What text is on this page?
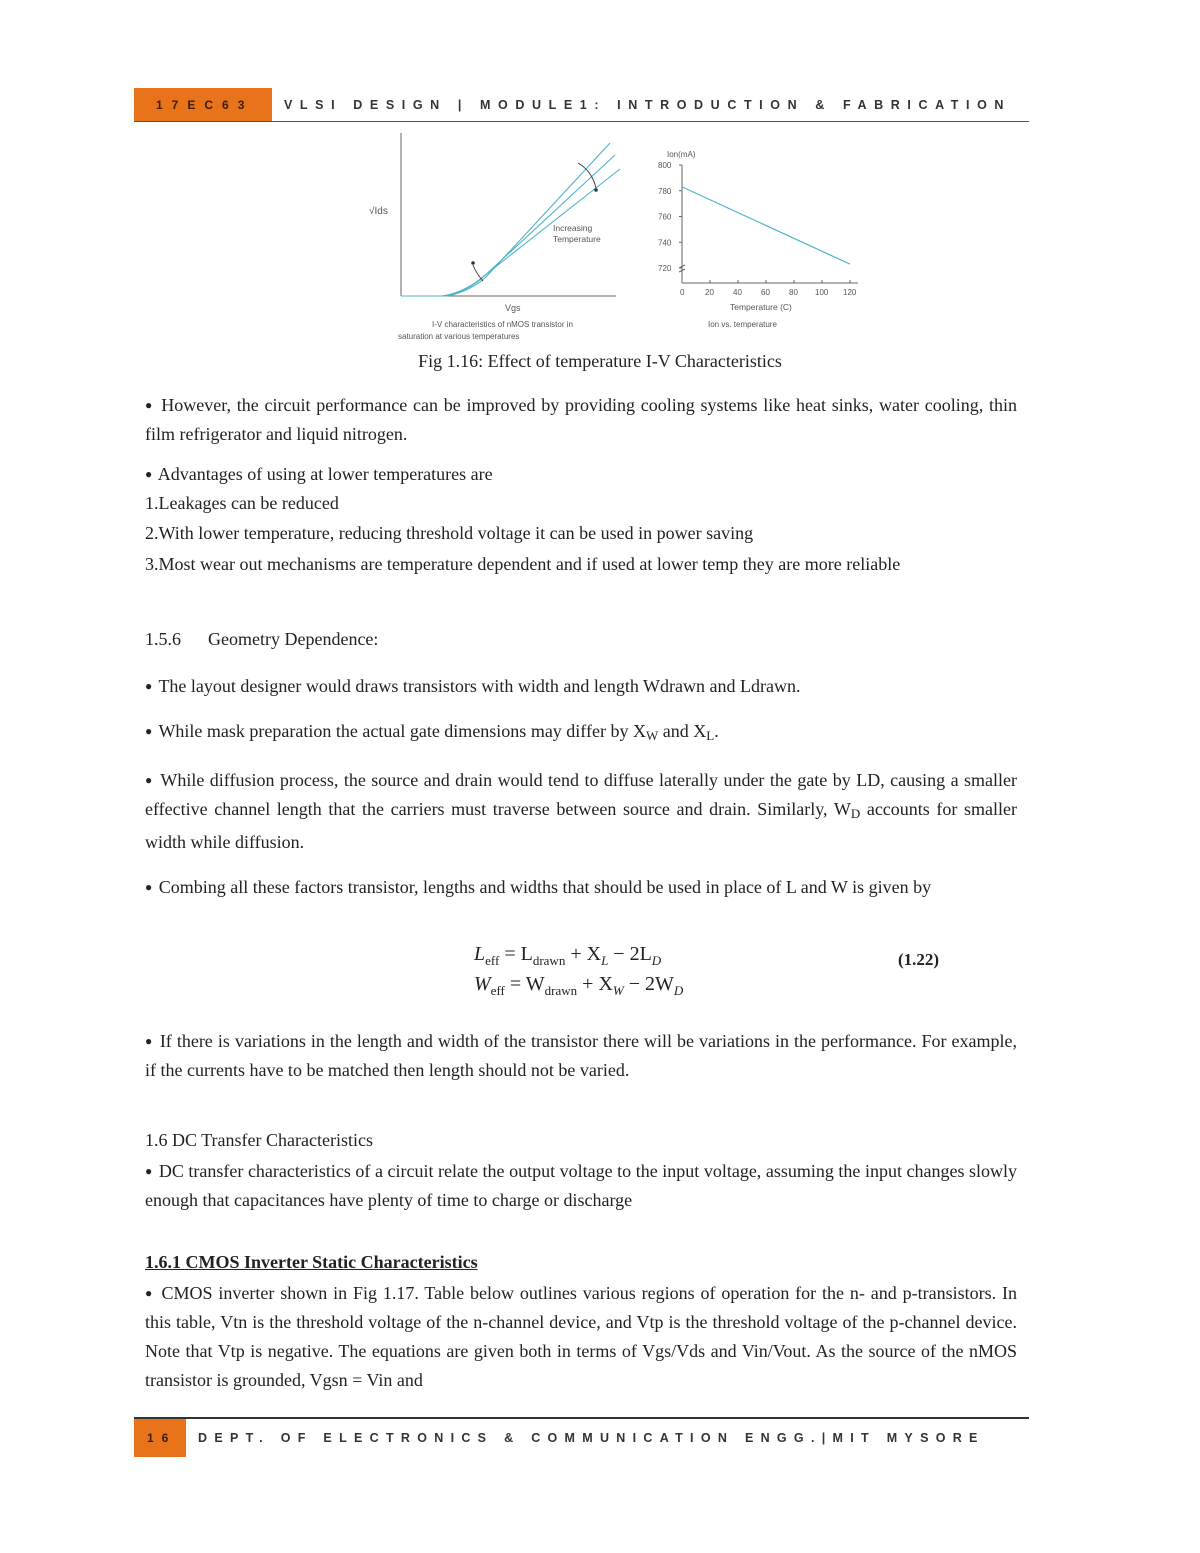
17EC63	VLSI DESIGN | MODULE1: INTRODUCTION & FABRICATION
√Ids
Vgs
Increasing
Temperature
I-V characteristics of nMOS transistor in
saturation at various temperatures
Ion(mA)
720
740
760
780
800
0	20 40 60 80 100 120
Temperature (C)
Ion vs. temperature
Fig 1.16: Effect of temperature I-V Characteristics

● However, the circuit performance can be improved by providing cooling systems like heat sinks, water cooling, thin film refrigerator and liquid nitrogen.

● Advantages of using at lower temperatures are

1.Leakages can be reduced

2.With lower temperature, reducing threshold voltage it can be used in power saving

3.Most wear out mechanisms are temperature dependent and if used at lower temp they are more reliable

1.5.6      Geometry Dependence:

● The layout designer would draws transistors with width and length Wdrawn and Ldrawn.

● While mask preparation the actual gate dimensions may differ by $X_W$ and $X_L$.

● While diffusion process, the source and drain would tend to diffuse laterally under the gate by LD, causing a smaller effective channel length that the carriers must traverse between source and drain. Similarly, $W_D$ accounts for smaller width while diffusion.

● Combing all these factors transistor, lengths and widths that should be used in place of L and W is given by

$L_{eff} = L_{drawn} + X_L - 2L_D$
$W_{eff} = W_{drawn} + X_W - 2W_D$
(1.22)

● If there is variations in the length and width of the transistor there will be variations in the performance. For example, if the currents have to be matched then length should not be varied.

1.6 DC Transfer Characteristics

● DC transfer characteristics of a circuit relate the output voltage to the input voltage, assuming the input changes slowly enough that capacitances have plenty of time to charge or discharge

1.6.1 CMOS Inverter Static Characteristics

● CMOS inverter shown in Fig 1.17. Table below outlines various regions of operation for the n- and p-transistors. In this table, Vtn is the threshold voltage of the n-channel device, and Vtp is the threshold voltage of the p-channel device. Note that Vtp is negative. The equations are given both in terms of Vgs/Vds and Vin/Vout. As the source of the nMOS transistor is grounded, Vgsn = Vin and

16	DEPT. OF ELECTRONICS & COMMUNICATION ENGG.|MIT MYSORE
